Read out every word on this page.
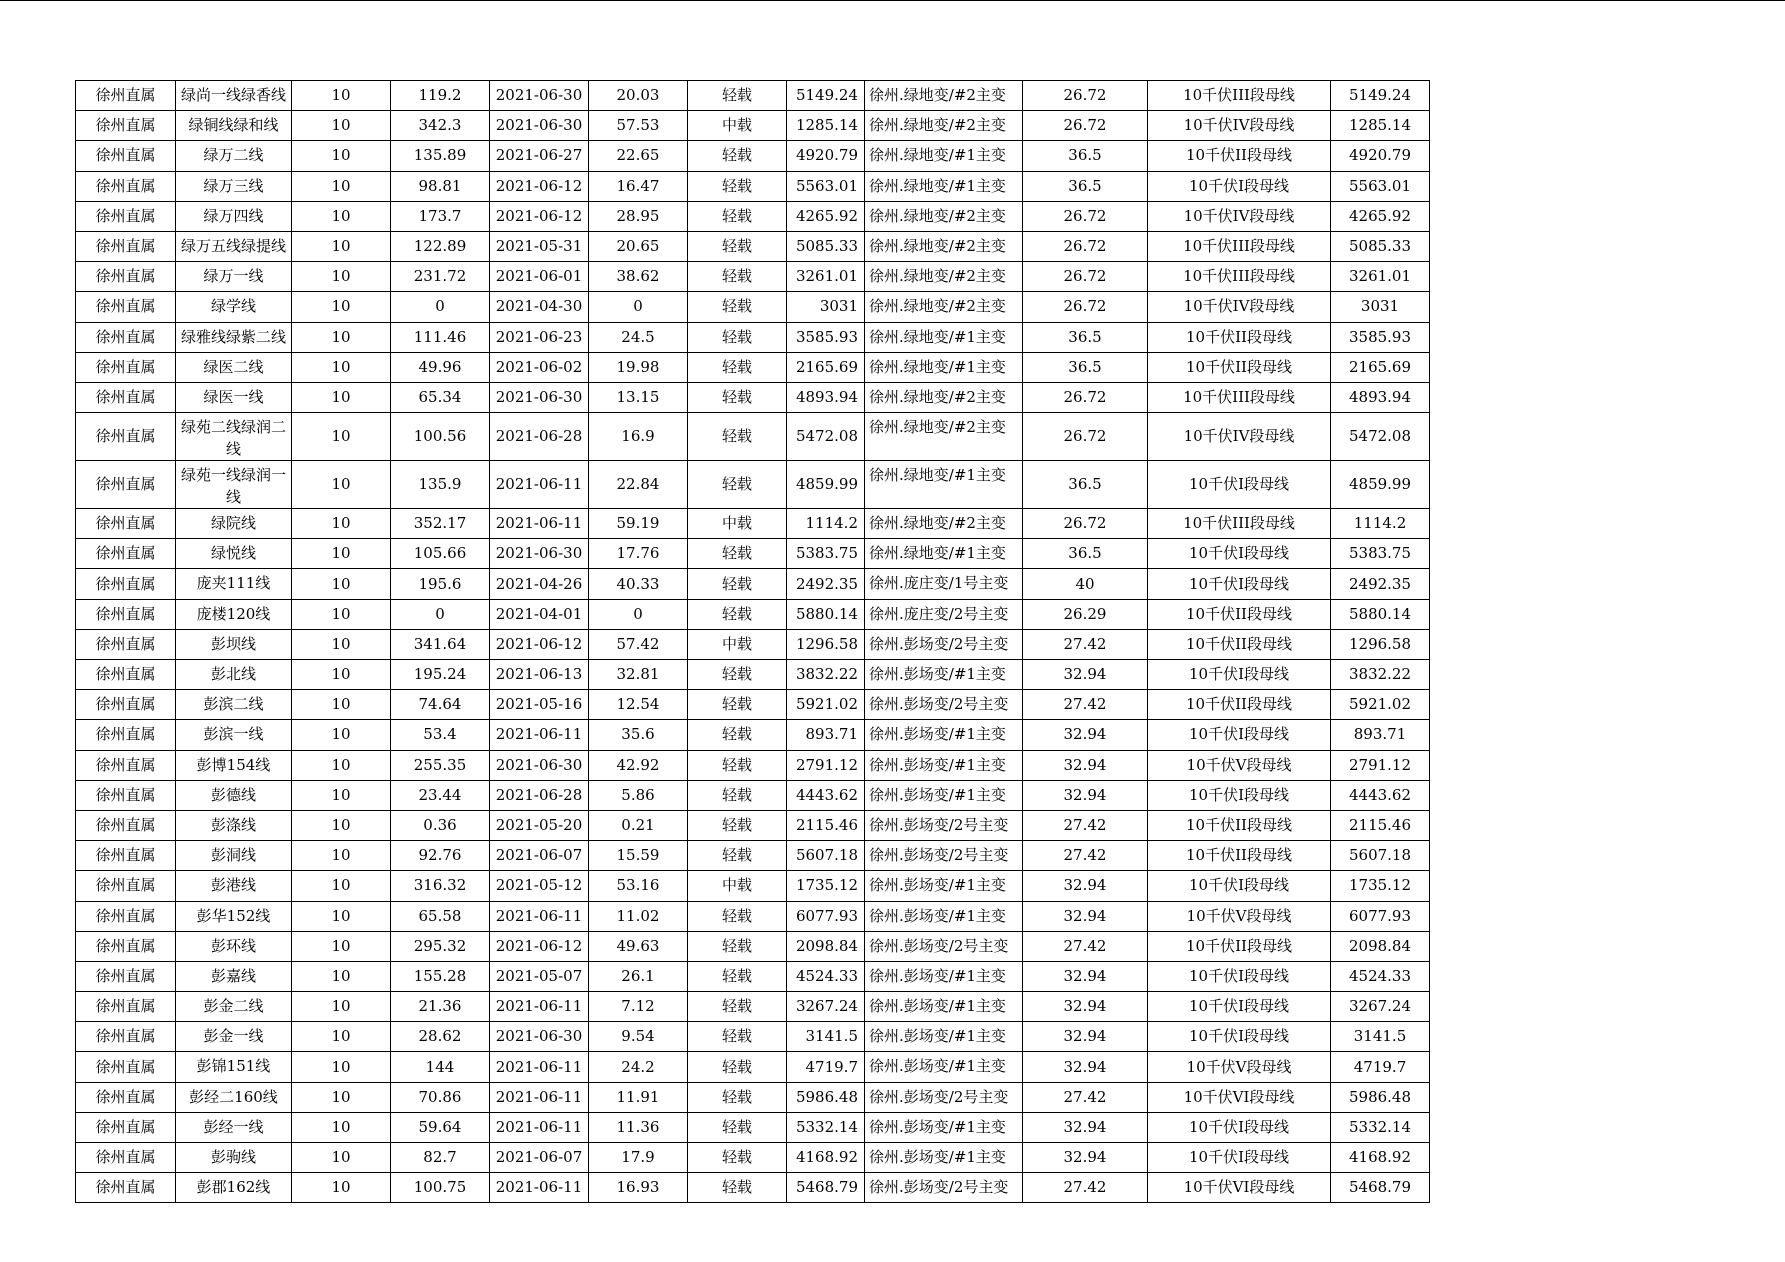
徐州直属	绿尚一线绿香线	10	119.2	2021-06-30	20.03	轻载	5149.24	徐州.绿地变/#2主变	26.72	10千伏III段母线	5149.24
徐州直属	绿铜线绿和线	10	342.3	2021-06-30	57.53	中载	1285.14	徐州.绿地变/#2主变	26.72	10千伏IV段母线	1285.14
徐州直属	绿万二线	10	135.89	2021-06-27	22.65	轻载	4920.79	徐州.绿地变/#1主变	36.5	10千伏II段母线	4920.79
徐州直属	绿万三线	10	98.81	2021-06-12	16.47	轻载	5563.01	徐州.绿地变/#1主变	36.5	10千伏I段母线	5563.01
徐州直属	绿万四线	10	173.7	2021-06-12	28.95	轻载	4265.92	徐州.绿地变/#2主变	26.72	10千伏IV段母线	4265.92
徐州直属	绿万五线绿提线	10	122.89	2021-05-31	20.65	轻载	5085.33	徐州.绿地变/#2主变	26.72	10千伏III段母线	5085.33
徐州直属	绿万一线	10	231.72	2021-06-01	38.62	轻载	3261.01	徐州.绿地变/#2主变	26.72	10千伏III段母线	3261.01
徐州直属	绿学线	10	0	2021-04-30	0	轻载	3031	徐州.绿地变/#2主变	26.72	10千伏IV段母线	3031
徐州直属	绿雅线绿紫二线	10	111.46	2021-06-23	24.5	轻载	3585.93	徐州.绿地变/#1主变	36.5	10千伏II段母线	3585.93
徐州直属	绿医二线	10	49.96	2021-06-02	19.98	轻载	2165.69	徐州.绿地变/#1主变	36.5	10千伏II段母线	2165.69
徐州直属	绿医一线	10	65.34	2021-06-30	13.15	轻载	4893.94	徐州.绿地变/#2主变	26.72	10千伏III段母线	4893.94
徐州直属	绿苑二线绿润二线	10	100.56	2021-06-28	16.9	轻载	5472.08	徐州.绿地变/#2主变	26.72	10千伏IV段母线	5472.08
徐州直属	绿苑一线绿润一线	10	135.9	2021-06-11	22.84	轻载	4859.99	徐州.绿地变/#1主变	36.5	10千伏I段母线	4859.99
徐州直属	绿院线	10	352.17	2021-06-11	59.19	中载	1114.2	徐州.绿地变/#2主变	26.72	10千伏III段母线	1114.2
徐州直属	绿悦线	10	105.66	2021-06-30	17.76	轻载	5383.75	徐州.绿地变/#1主变	36.5	10千伏I段母线	5383.75
徐州直属	庞夹111线	10	195.6	2021-04-26	40.33	轻载	2492.35	徐州.庞庄变/1号主变	40	10千伏I段母线	2492.35
徐州直属	庞楼120线	10	0	2021-04-01	0	轻载	5880.14	徐州.庞庄变/2号主变	26.29	10千伏II段母线	5880.14
徐州直属	彭坝线	10	341.64	2021-06-12	57.42	中载	1296.58	徐州.彭场变/2号主变	27.42	10千伏II段母线	1296.58
徐州直属	彭北线	10	195.24	2021-06-13	32.81	轻载	3832.22	徐州.彭场变/#1主变	32.94	10千伏I段母线	3832.22
徐州直属	彭滨二线	10	74.64	2021-05-16	12.54	轻载	5921.02	徐州.彭场变/2号主变	27.42	10千伏II段母线	5921.02
徐州直属	彭滨一线	10	53.4	2021-06-11	35.6	轻载	893.71	徐州.彭场变/#1主变	32.94	10千伏I段母线	893.71
徐州直属	彭博154线	10	255.35	2021-06-30	42.92	轻载	2791.12	徐州.彭场变/#1主变	32.94	10千伏V段母线	2791.12
徐州直属	彭德线	10	23.44	2021-06-28	5.86	轻载	4443.62	徐州.彭场变/#1主变	32.94	10千伏I段母线	4443.62
徐州直属	彭涤线	10	0.36	2021-05-20	0.21	轻载	2115.46	徐州.彭场变/2号主变	27.42	10千伏II段母线	2115.46
徐州直属	彭洞线	10	92.76	2021-06-07	15.59	轻载	5607.18	徐州.彭场变/2号主变	27.42	10千伏II段母线	5607.18
徐州直属	彭港线	10	316.32	2021-05-12	53.16	中载	1735.12	徐州.彭场变/#1主变	32.94	10千伏I段母线	1735.12
徐州直属	彭华152线	10	65.58	2021-06-11	11.02	轻载	6077.93	徐州.彭场变/#1主变	32.94	10千伏V段母线	6077.93
徐州直属	彭环线	10	295.32	2021-06-12	49.63	轻载	2098.84	徐州.彭场变/2号主变	27.42	10千伏II段母线	2098.84
徐州直属	彭嘉线	10	155.28	2021-05-07	26.1	轻载	4524.33	徐州.彭场变/#1主变	32.94	10千伏I段母线	4524.33
徐州直属	彭金二线	10	21.36	2021-06-11	7.12	轻载	3267.24	徐州.彭场变/#1主变	32.94	10千伏I段母线	3267.24
徐州直属	彭金一线	10	28.62	2021-06-30	9.54	轻载	3141.5	徐州.彭场变/#1主变	32.94	10千伏I段母线	3141.5
徐州直属	彭锦151线	10	144	2021-06-11	24.2	轻载	4719.7	徐州.彭场变/#1主变	32.94	10千伏V段母线	4719.7
徐州直属	彭经二160线	10	70.86	2021-06-11	11.91	轻载	5986.48	徐州.彭场变/2号主变	27.42	10千伏VI段母线	5986.48
徐州直属	彭经一线	10	59.64	2021-06-11	11.36	轻载	5332.14	徐州.彭场变/#1主变	32.94	10千伏I段母线	5332.14
徐州直属	彭驹线	10	82.7	2021-06-07	17.9	轻载	4168.92	徐州.彭场变/#1主变	32.94	10千伏I段母线	4168.92
徐州直属	彭郡162线	10	100.75	2021-06-11	16.93	轻载	5468.79	徐州.彭场变/2号主变	27.42	10千伏VI段母线	5468.79
